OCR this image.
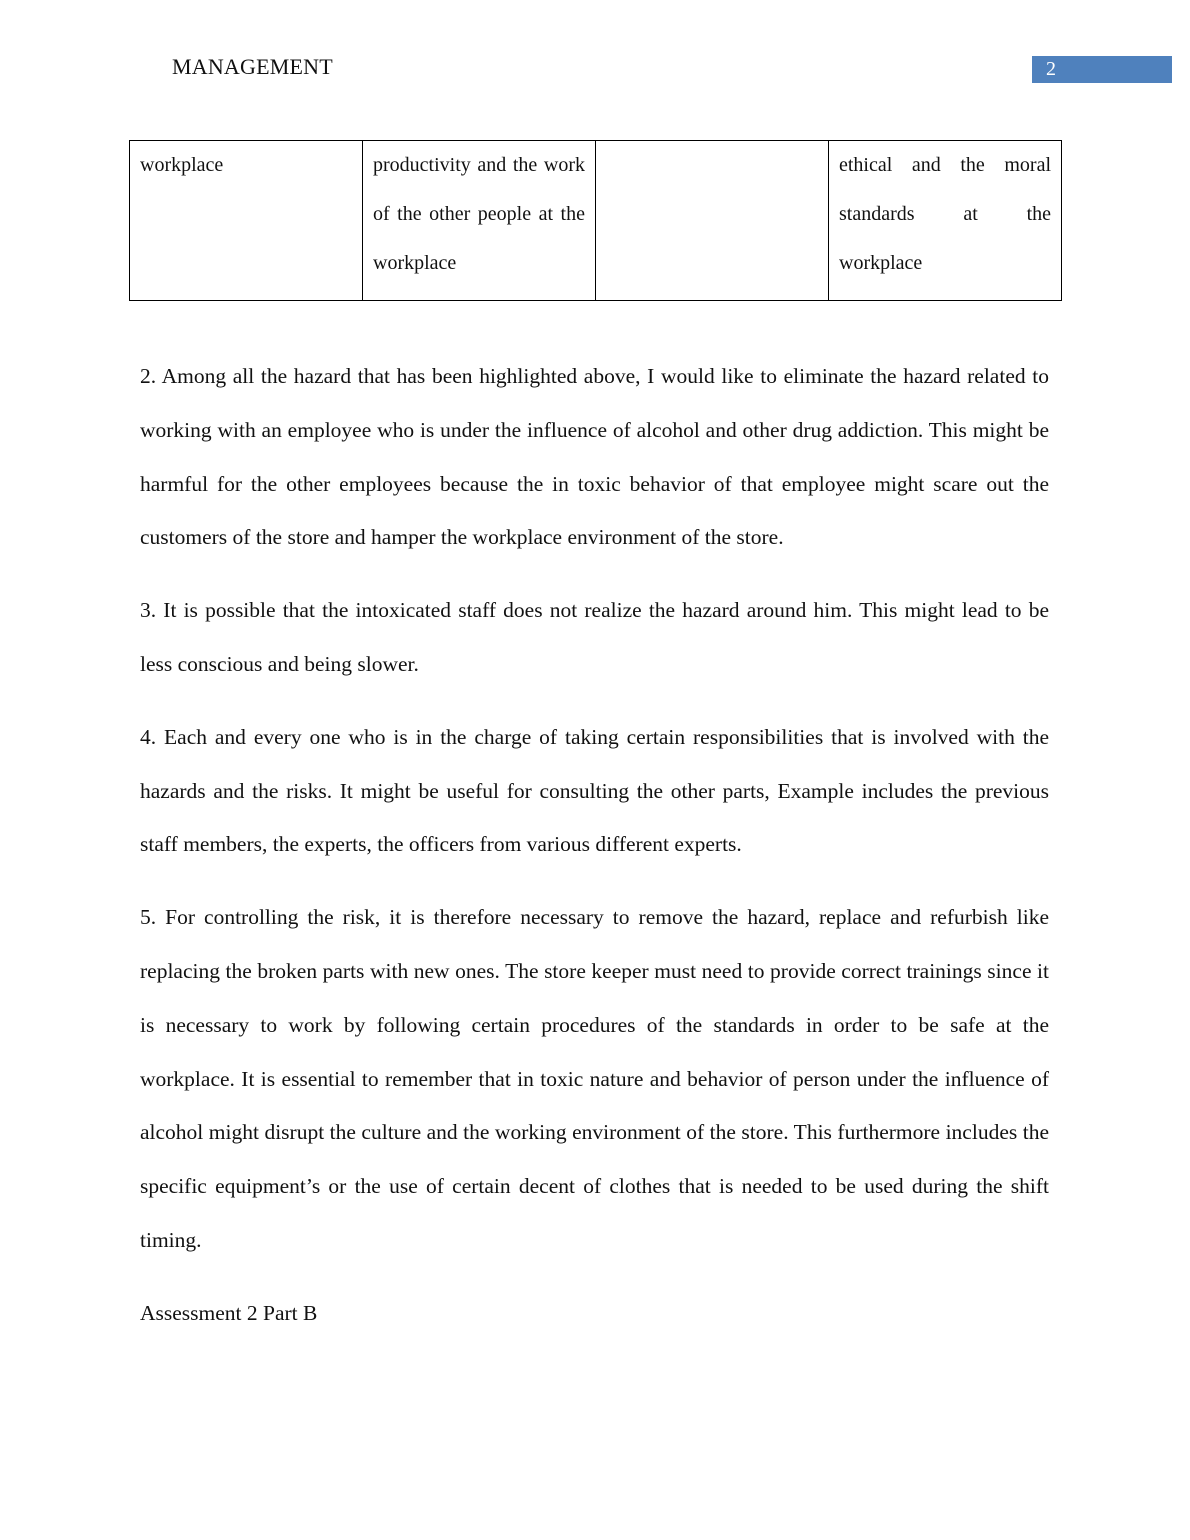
MANAGEMENT	2
workplace	productivity and the work of the other people at the workplace		ethical and the moral standards at the workplace

2. Among all the hazard that has been highlighted above, I would like to eliminate the hazard related to working with an employee who is under the influence of alcohol and other drug addiction. This might be harmful for the other employees because the in toxic behavior of that employee might scare out the customers of the store and hamper the workplace environment of the store.

3. It is possible that the intoxicated staff does not realize the hazard around him. This might lead to be less conscious and being slower.

4. Each and every one who is in the charge of taking certain responsibilities that is involved with the hazards and the risks. It might be useful for consulting the other parts, Example includes the previous staff members, the experts, the officers from various different experts.

5. For controlling the risk, it is therefore necessary to remove the hazard, replace and refurbish like replacing the broken parts with new ones. The store keeper must need to provide correct trainings since it is necessary to work by following certain procedures of the standards in order to be safe at the workplace. It is essential to remember that in toxic nature and behavior of person under the influence of alcohol might disrupt the culture and the working environment of the store. This furthermore includes the specific equipment’s or the use of certain decent of clothes that is needed to be used during the shift timing.

Assessment 2 Part B
